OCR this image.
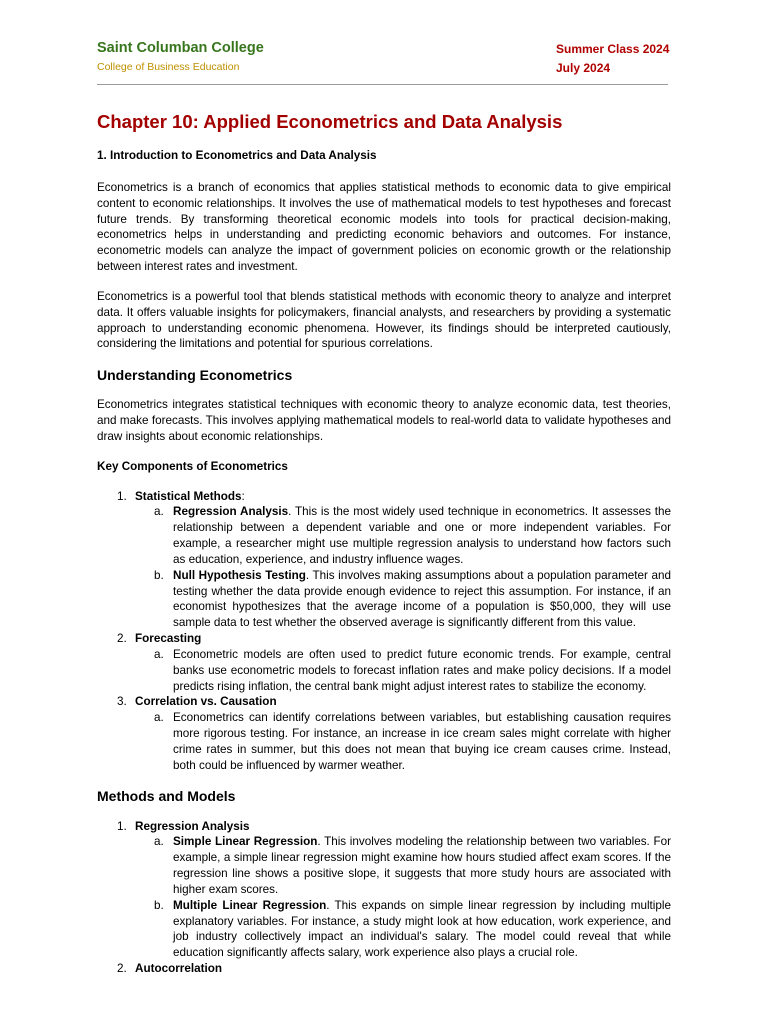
Saint Columban College
College of Business Education
Summer Class 2024
July 2024
Chapter 10: Applied Econometrics and Data Analysis
1. Introduction to Econometrics and Data Analysis

Econometrics is a branch of economics that applies statistical methods to economic data to give empirical content to economic relationships. It involves the use of mathematical models to test hypotheses and forecast future trends. By transforming theoretical economic models into tools for practical decision-making, econometrics helps in understanding and predicting economic behaviors and outcomes. For instance, econometric models can analyze the impact of government policies on economic growth or the relationship between interest rates and investment.

Econometrics is a powerful tool that blends statistical methods with economic theory to analyze and interpret data. It offers valuable insights for policymakers, financial analysts, and researchers by providing a systematic approach to understanding economic phenomena. However, its findings should be interpreted cautiously, considering the limitations and potential for spurious correlations.

Understanding Econometrics

Econometrics integrates statistical techniques with economic theory to analyze economic data, test theories, and make forecasts. This involves applying mathematical models to real-world data to validate hypotheses and draw insights about economic relationships.

Key Components of Econometrics
1. Statistical Methods:
a. Regression Analysis. This is the most widely used technique in econometrics. It assesses the relationship between a dependent variable and one or more independent variables. For example, a researcher might use multiple regression analysis to understand how factors such as education, experience, and industry influence wages.
b. Null Hypothesis Testing. This involves making assumptions about a population parameter and testing whether the data provide enough evidence to reject this assumption. For instance, if an economist hypothesizes that the average income of a population is $50,000, they will use sample data to test whether the observed average is significantly different from this value.
2. Forecasting
a. Econometric models are often used to predict future economic trends. For example, central banks use econometric models to forecast inflation rates and make policy decisions. If a model predicts rising inflation, the central bank might adjust interest rates to stabilize the economy.
3. Correlation vs. Causation
a. Econometrics can identify correlations between variables, but establishing causation requires more rigorous testing. For instance, an increase in ice cream sales might correlate with higher crime rates in summer, but this does not mean that buying ice cream causes crime. Instead, both could be influenced by warmer weather.
Methods and Models
1. Regression Analysis
a. Simple Linear Regression. This involves modeling the relationship between two variables. For example, a simple linear regression might examine how hours studied affect exam scores. If the regression line shows a positive slope, it suggests that more study hours are associated with higher exam scores.
b. Multiple Linear Regression. This expands on simple linear regression by including multiple explanatory variables. For instance, a study might look at how education, work experience, and job industry collectively impact an individual's salary. The model could reveal that while education significantly affects salary, work experience also plays a crucial role.
2. Autocorrelation
